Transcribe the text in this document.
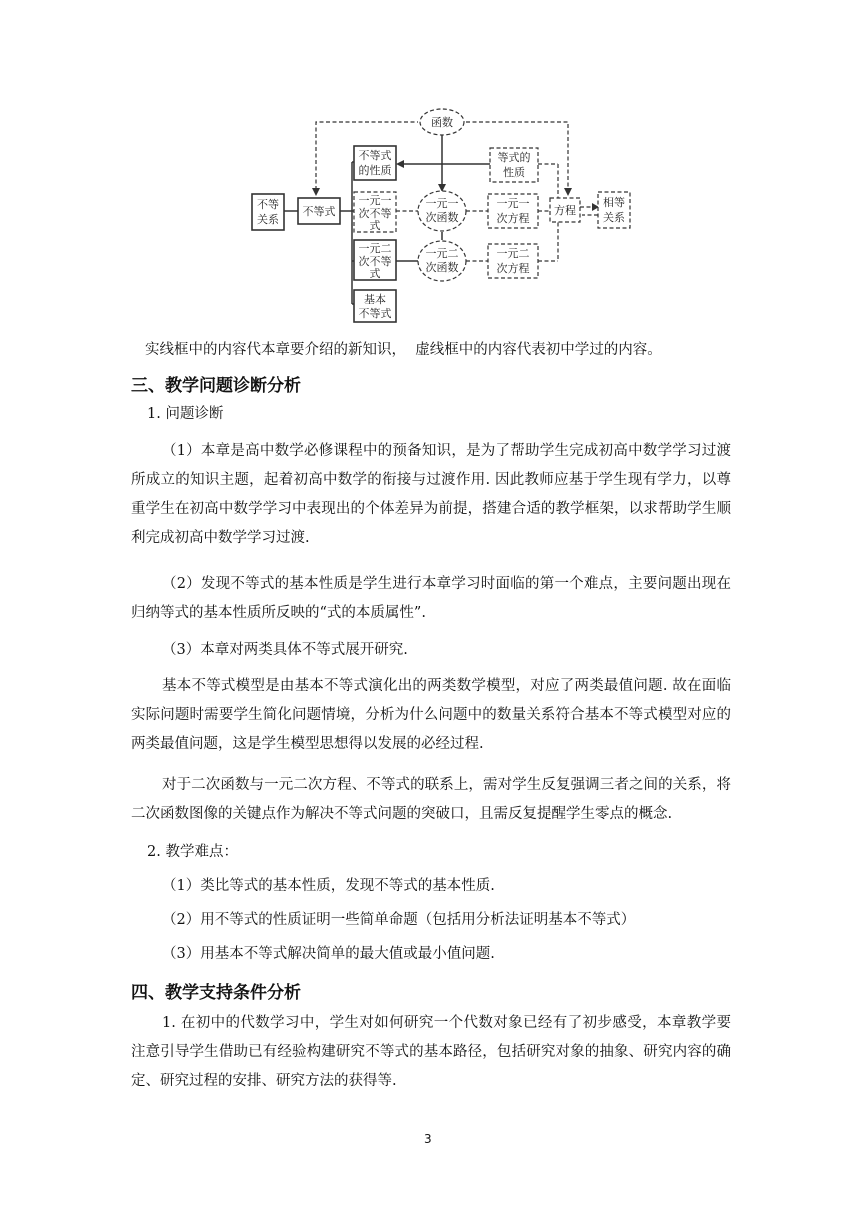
不等
关系
不等式
不等式
的性质
一元一
次不等
式
一元二
次不等
式
基本
不等式
函数
一元一
次函数
一元二
次函数
等式的
性质
一元一
次方程
一元二
次方程
方程
相等
关系
实线框中的内容代本章要介绍的新知识，  虚线框中的内容代表初中学过的内容。
三、教学问题诊断分析
1. 问题诊断
（1）本章是高中数学必修课程中的预备知识，是为了帮助学生完成初高中数学学习过渡所成立的知识主题，起着初高中数学的衔接与过渡作用. 因此教师应基于学生现有学力，以尊重学生在初高中数学学习中表现出的个体差异为前提，搭建合适的教学框架，以求帮助学生顺利完成初高中数学学习过渡.
（2）发现不等式的基本性质是学生进行本章学习时面临的第一个难点，主要问题出现在归纳等式的基本性质所反映的“式的本质属性”.
（3）本章对两类具体不等式展开研究.
基本不等式模型是由基本不等式演化出的两类数学模型，对应了两类最值问题. 故在面临实际问题时需要学生简化问题情境，分析为什么问题中的数量关系符合基本不等式模型对应的两类最值问题，这是学生模型思想得以发展的必经过程.
对于二次函数与一元二次方程、不等式的联系上，需对学生反复强调三者之间的关系，将二次函数图像的关键点作为解决不等式问题的突破口，且需反复提醒学生零点的概念.
2. 教学难点：
（1）类比等式的基本性质，发现不等式的基本性质.
（2）用不等式的性质证明一些简单命题（包括用分析法证明基本不等式）
（3）用基本不等式解决简单的最大值或最小值问题.
四、教学支持条件分析
1. 在初中的代数学习中，学生对如何研究一个代数对象已经有了初步感受，本章教学要注意引导学生借助已有经验构建研究不等式的基本路径，包括研究对象的抽象、研究内容的确定、研究过程的安排、研究方法的获得等.
3
